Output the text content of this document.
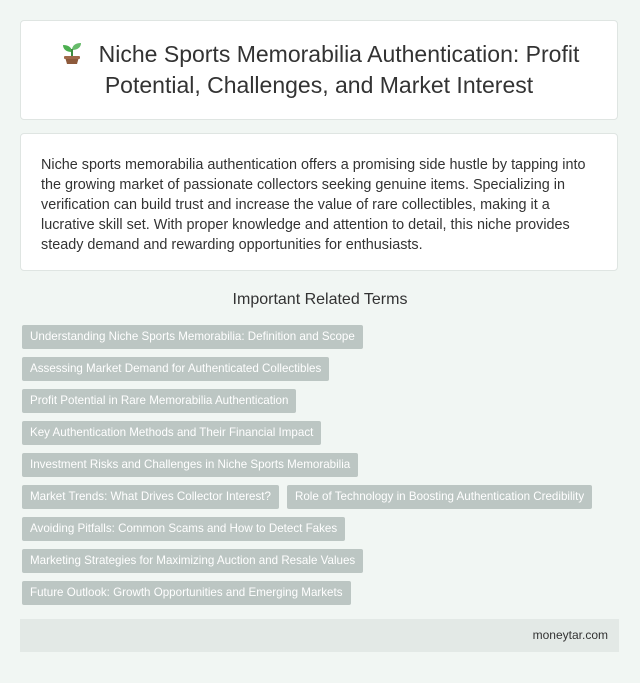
Niche Sports Memorabilia Authentication: Profit Potential, Challenges, and Market Interest

Niche sports memorabilia authentication offers a promising side hustle by tapping into the growing market of passionate collectors seeking genuine items. Specializing in verification can build trust and increase the value of rare collectibles, making it a lucrative skill set. With proper knowledge and attention to detail, this niche provides steady demand and rewarding opportunities for enthusiasts.

Important Related Terms
Understanding Niche Sports Memorabilia: Definition and Scope
Assessing Market Demand for Authenticated Collectibles
Profit Potential in Rare Memorabilia Authentication
Key Authentication Methods and Their Financial Impact
Investment Risks and Challenges in Niche Sports Memorabilia
Market Trends: What Drives Collector Interest?	Role of Technology in Boosting Authentication Credibility
Avoiding Pitfalls: Common Scams and How to Detect Fakes
Marketing Strategies for Maximizing Auction and Resale Values
Future Outlook: Growth Opportunities and Emerging Markets
moneytar.com
